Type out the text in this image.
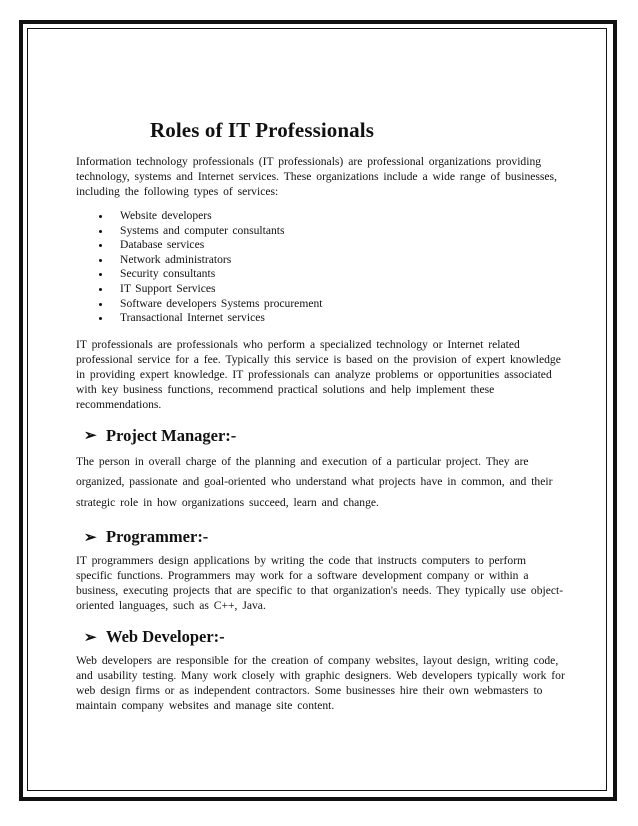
Roles of IT Professionals

Information technology professionals (IT professionals) are professional organizations providing technology, systems and Internet services. These organizations include a wide range of businesses, including the following types of services:

• Website developers
• Systems and computer consultants
• Database services
• Network administrators
• Security consultants
• IT Support Services
• Software developers Systems procurement
• Transactional Internet services

IT professionals are professionals who perform a specialized technology or Internet related professional service for a fee. Typically this service is based on the provision of expert knowledge in providing expert knowledge. IT professionals can analyze problems or opportunities associated with key business functions, recommend practical solutions and help implement these recommendations.

➢ Project Manager:-

The person in overall charge of the planning and execution of a particular project. They are organized, passionate and goal-oriented who understand what projects have in common, and their strategic role in how organizations succeed, learn and change.

➢ Programmer:-

IT programmers design applications by writing the code that instructs computers to perform specific functions. Programmers may work for a software development company or within a business, executing projects that are specific to that organization's needs. They typically use object-oriented languages, such as C++, Java.

➢ Web Developer:-

Web developers are responsible for the creation of company websites, layout design, writing code, and usability testing. Many work closely with graphic designers. Web developers typically work for web design firms or as independent contractors. Some businesses hire their own webmasters to maintain company websites and manage site content.
